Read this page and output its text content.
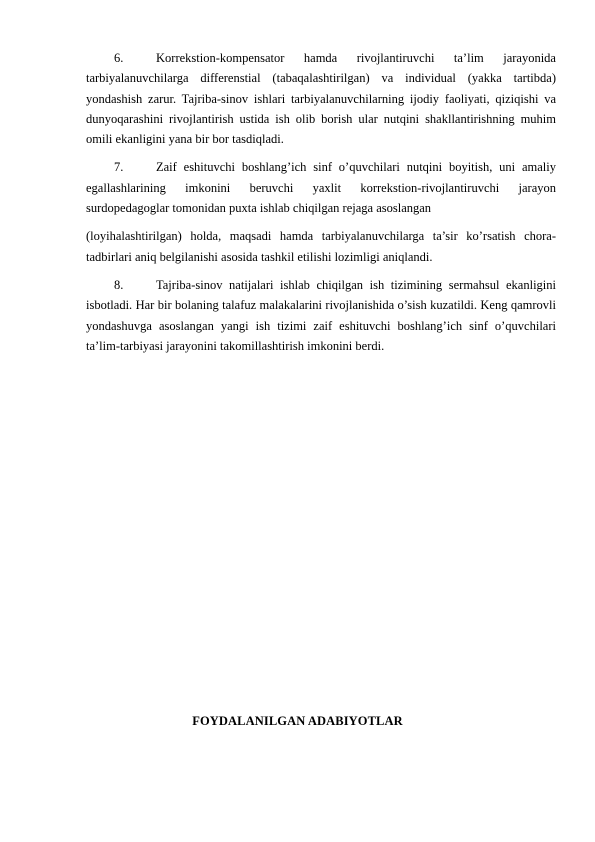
6.	Korrekstion-kompensator hamda rivojlantiruvchi ta’lim jarayonida tarbiyalanuvchilarga differenstial (tabaqalashtirilgan) va individual (yakka tartibda) yondashish zarur. Tajriba-sinov ishlari tarbiyalanuvchilarning ijodiy faoliyati, qiziqishi va dunyoqarashini rivojlantirish ustida ish olib borish ular nutqini shakllantirishning muhim omili ekanligini yana bir bor tasdiqladi.

7.	Zaif eshituvchi boshlang’ich sinf o’quvchilari nutqini boyitish, uni amaliy egallashlarining imkonini beruvchi yaxlit korrekstion-rivojlantiruvchi jarayon surdopedagoglar tomonidan puxta ishlab chiqilgan rejaga asoslangan

(loyihalashtirilgan) holda, maqsadi hamda tarbiyalanuvchilarga ta’sir ko’rsatish chora-tadbirlari aniq belgilanishi asosida tashkil etilishi lozimligi aniqlandi.

8.	Tajriba-sinov natijalari ishlab chiqilgan ish tizimining sermahsul ekanligini isbotladi. Har bir bolaning talafuz malakalarini rivojlanishida o’sish kuzatildi. Keng qamrovli yondashuvga asoslangan yangi ish tizimi zaif eshituvchi boshlang’ich sinf o’quvchilari ta’lim-tarbiyasi jarayonini takomillashtirish imkonini berdi.

FOYDALANILGAN ADABIYOTLAR
